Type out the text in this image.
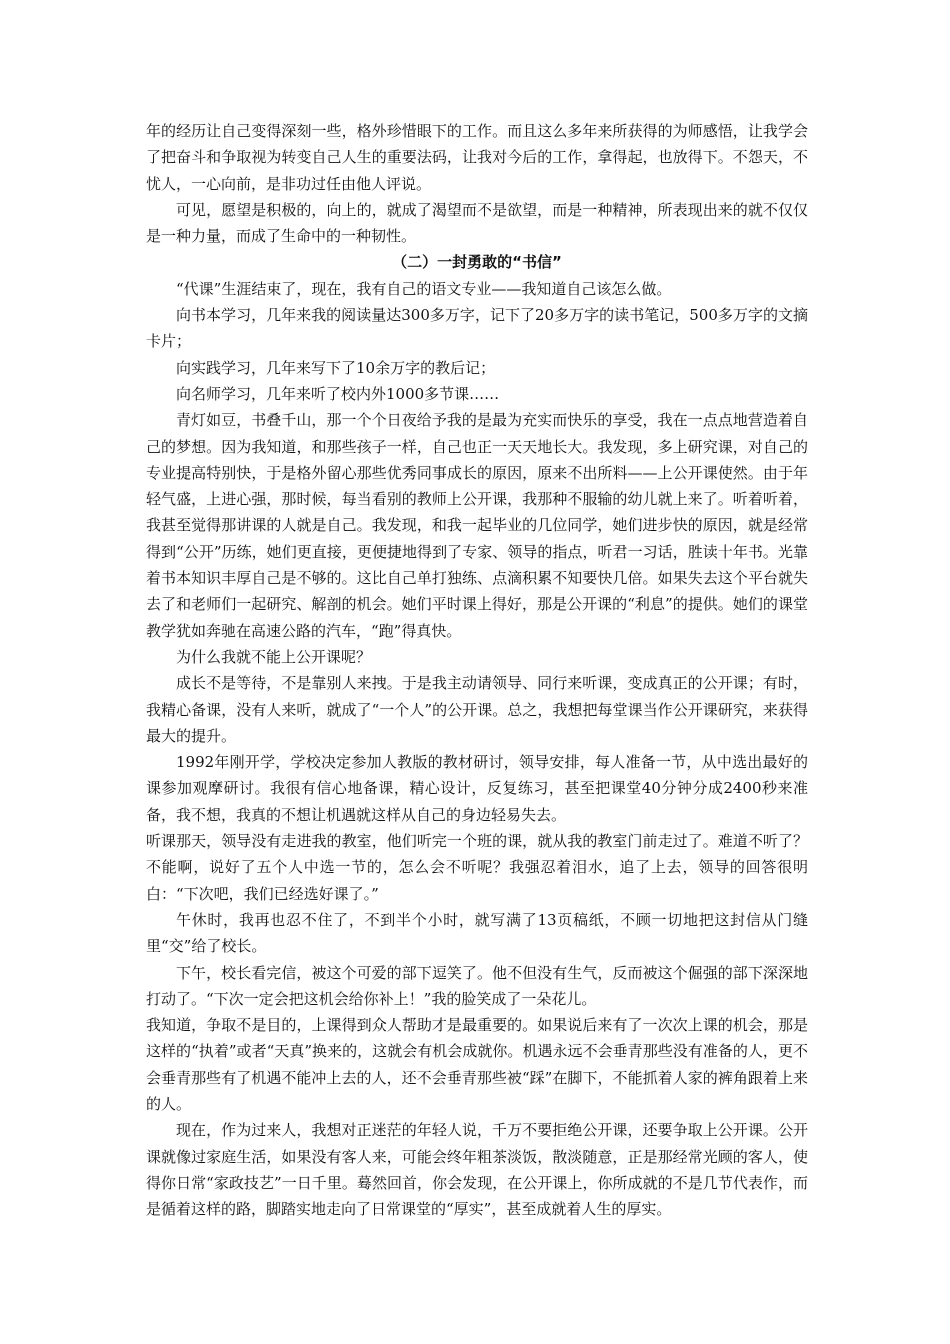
年的经历让自己变得深刻一些，格外珍惜眼下的工作。而且这么多年来所获得的为师感悟，让我学会了把奋斗和争取视为转变自己人生的重要法码，让我对今后的工作，拿得起，也放得下。不怨天，不忧人，一心向前，是非功过任由他人评说。

可见，愿望是积极的，向上的，就成了渴望而不是欲望，而是一种精神，所表现出来的就不仅仅是一种力量，而成了生命中的一种韧性。

（二）一封勇敢的“书信”

“代课”生涯结束了，现在，我有自己的语文专业——我知道自己该怎么做。

向书本学习，几年来我的阅读量达300多万字，记下了20多万字的读书笔记，500多万字的文摘卡片；

向实践学习，几年来写下了10余万字的教后记；

向名师学习，几年来听了校内外1000多节课……

青灯如豆，书叠千山，那一个个日夜给予我的是最为充实而快乐的享受，我在一点点地营造着自己的梦想。因为我知道，和那些孩子一样，自己也正一天天地长大。我发现，多上研究课，对自己的专业提高特别快，于是格外留心那些优秀同事成长的原因，原来不出所料——上公开课使然。由于年轻气盛，上进心强，那时候，每当看别的教师上公开课，我那种不服输的幼儿就上来了。听着听着，我甚至觉得那讲课的人就是自己。我发现，和我一起毕业的几位同学，她们进步快的原因，就是经常得到“公开”历练，她们更直接，更便捷地得到了专家、领导的指点，听君一习话，胜读十年书。光靠着书本知识丰厚自己是不够的。这比自己单打独练、点滴积累不知要快几倍。如果失去这个平台就失去了和老师们一起研究、解剖的机会。她们平时课上得好，那是公开课的“利息”的提供。她们的课堂教学犹如奔驰在高速公路的汽车，“跑”得真快。

为什么我就不能上公开课呢？

成长不是等待，不是靠别人来拽。于是我主动请领导、同行来听课，变成真正的公开课；有时，我精心备课，没有人来听，就成了“一个人”的公开课。总之，我想把每堂课当作公开课研究，来获得最大的提升。

1992年刚开学，学校决定参加人教版的教材研讨，领导安排，每人准备一节，从中选出最好的课参加观摩研讨。我很有信心地备课，精心设计，反复练习，甚至把课堂40分钟分成2400秒来准备，我不想，我真的不想让机遇就这样从自己的身边轻易失去。

听课那天，领导没有走进我的教室，他们听完一个班的课，就从我的教室门前走过了。难道不听了？不能啊，说好了五个人中选一节的，怎么会不听呢？我强忍着泪水，追了上去，领导的回答很明白：“下次吧，我们已经选好课了。”

午休时，我再也忍不住了，不到半个小时，就写满了13页稿纸，不顾一切地把这封信从门缝里“交”给了校长。

下午，校长看完信，被这个可爱的部下逗笑了。他不但没有生气，反而被这个倔强的部下深深地打动了。“下次一定会把这机会给你补上！”我的脸笑成了一朵花儿。

我知道，争取不是目的，上课得到众人帮助才是最重要的。如果说后来有了一次次上课的机会，那是这样的“执着”或者“天真”换来的，这就会有机会成就你。机遇永远不会垂青那些没有准备的人，更不会垂青那些有了机遇不能冲上去的人，还不会垂青那些被“踩”在脚下，不能抓着人家的裤角跟着上来的人。

现在，作为过来人，我想对正迷茫的年轻人说，千万不要拒绝公开课，还要争取上公开课。公开课就像过家庭生活，如果没有客人来，可能会终年粗茶淡饭，散淡随意，正是那经常光顾的客人，使得你日常“家政技艺”一日千里。蓦然回首，你会发现，在公开课上，你所成就的不是几节代表作，而是循着这样的路，脚踏实地走向了日常课堂的“厚实”，甚至成就着人生的厚实。
